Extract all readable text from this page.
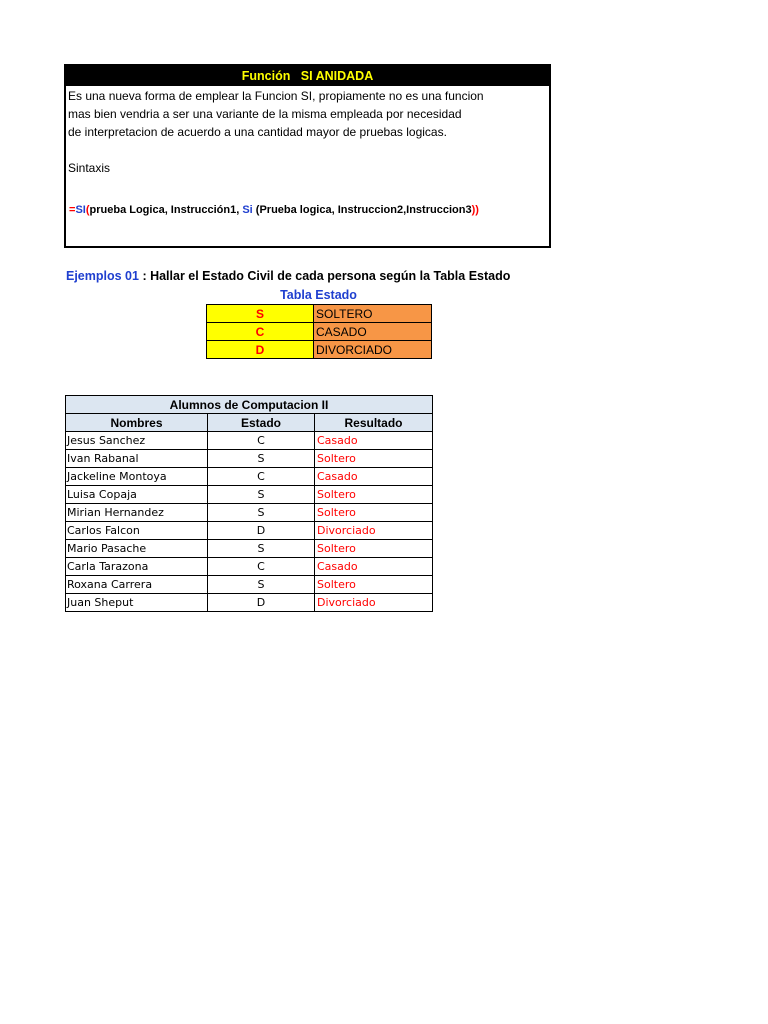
Función   SI ANIDADA
Es una nueva forma de emplear la Funcion SI, propiamente no es una funcion
mas bien vendria a ser una variante de la misma empleada por necesidad
de interpretacion de acuerdo a una cantidad mayor de pruebas logicas.
Sintaxis
=SI(prueba Logica, Instrucción1, Si (Prueba logica, Instruccion2,Instruccion3))
Ejemplos 01 : Hallar el Estado Civil de cada persona según la Tabla Estado
Tabla Estado
S	SOLTERO
C	CASADO
D	DIVORCIADO
Alumnos de Computacion II		
Nombres	Estado	Resultado
Jesus Sanchez	C	Casado
Ivan Rabanal	S	Soltero
Jackeline Montoya	C	Casado
Luisa Copaja	S	Soltero
Mirian Hernandez	S	Soltero
Carlos Falcon	D	Divorciado
Mario Pasache	S	Soltero
Carla Tarazona	C	Casado
Roxana Carrera	S	Soltero
Juan Sheput	D	Divorciado
